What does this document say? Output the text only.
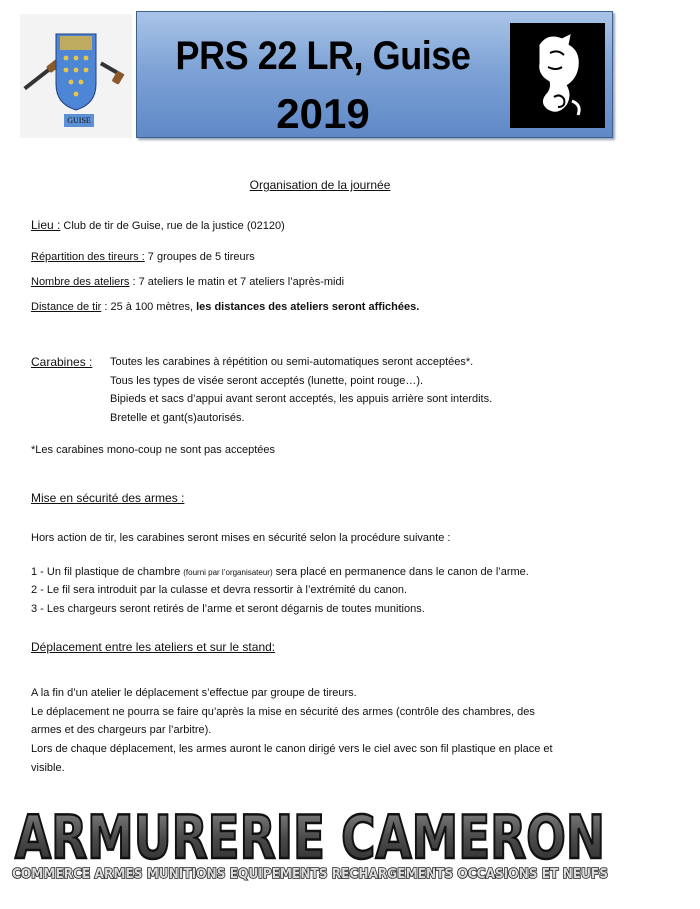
GUISE
PRS 22 LR, Guise
2019
Organisation de la journée
Lieu : Club de tir de Guise, rue de la justice (02120)
Répartition des tireurs : 7 groupes de 5 tireurs
Nombre des ateliers : 7 ateliers le matin et 7 ateliers l’après-midi
Distance de tir : 25 à 100 mètres, les distances des ateliers seront affichées.
Carabines : Toutes les carabines à répétition ou semi-automatiques seront acceptées*.
Tous les types de visée seront acceptés (lunette, point rouge…).
Bipieds et sacs d’appui avant seront acceptés, les appuis arrière sont interdits.
Bretelle et gant(s)autorisés.
*Les carabines mono-coup ne sont pas acceptées
Mise en sécurité des armes :
Hors action de tir, les carabines seront mises en sécurité selon la procédure suivante :
1 - Un fil plastique de chambre (fourni par l’organisateur) sera placé en permanence dans le canon de l’arme.
2 - Le fil sera introduit par la culasse et devra ressortir à l’extrémité du canon.
3 - Les chargeurs seront retirés de l’arme et seront dégarnis de toutes munitions.
Déplacement entre les ateliers et sur le stand:
A la fin d’un atelier le déplacement s’effectue par groupe de tireurs.
Le déplacement ne pourra se faire qu’après la mise en sécurité des armes (contrôle des chambres, des
armes et des chargeurs par l’arbitre).
Lors de chaque déplacement, les armes auront le canon dirigé vers le ciel avec son fil plastique en place et
visible.
ARMURERIE CAMERON
COMMERCE ARMES MUNITIONS EQUIPEMENTS RECHARGEMENTS OCCASIONS ET NEUFS
